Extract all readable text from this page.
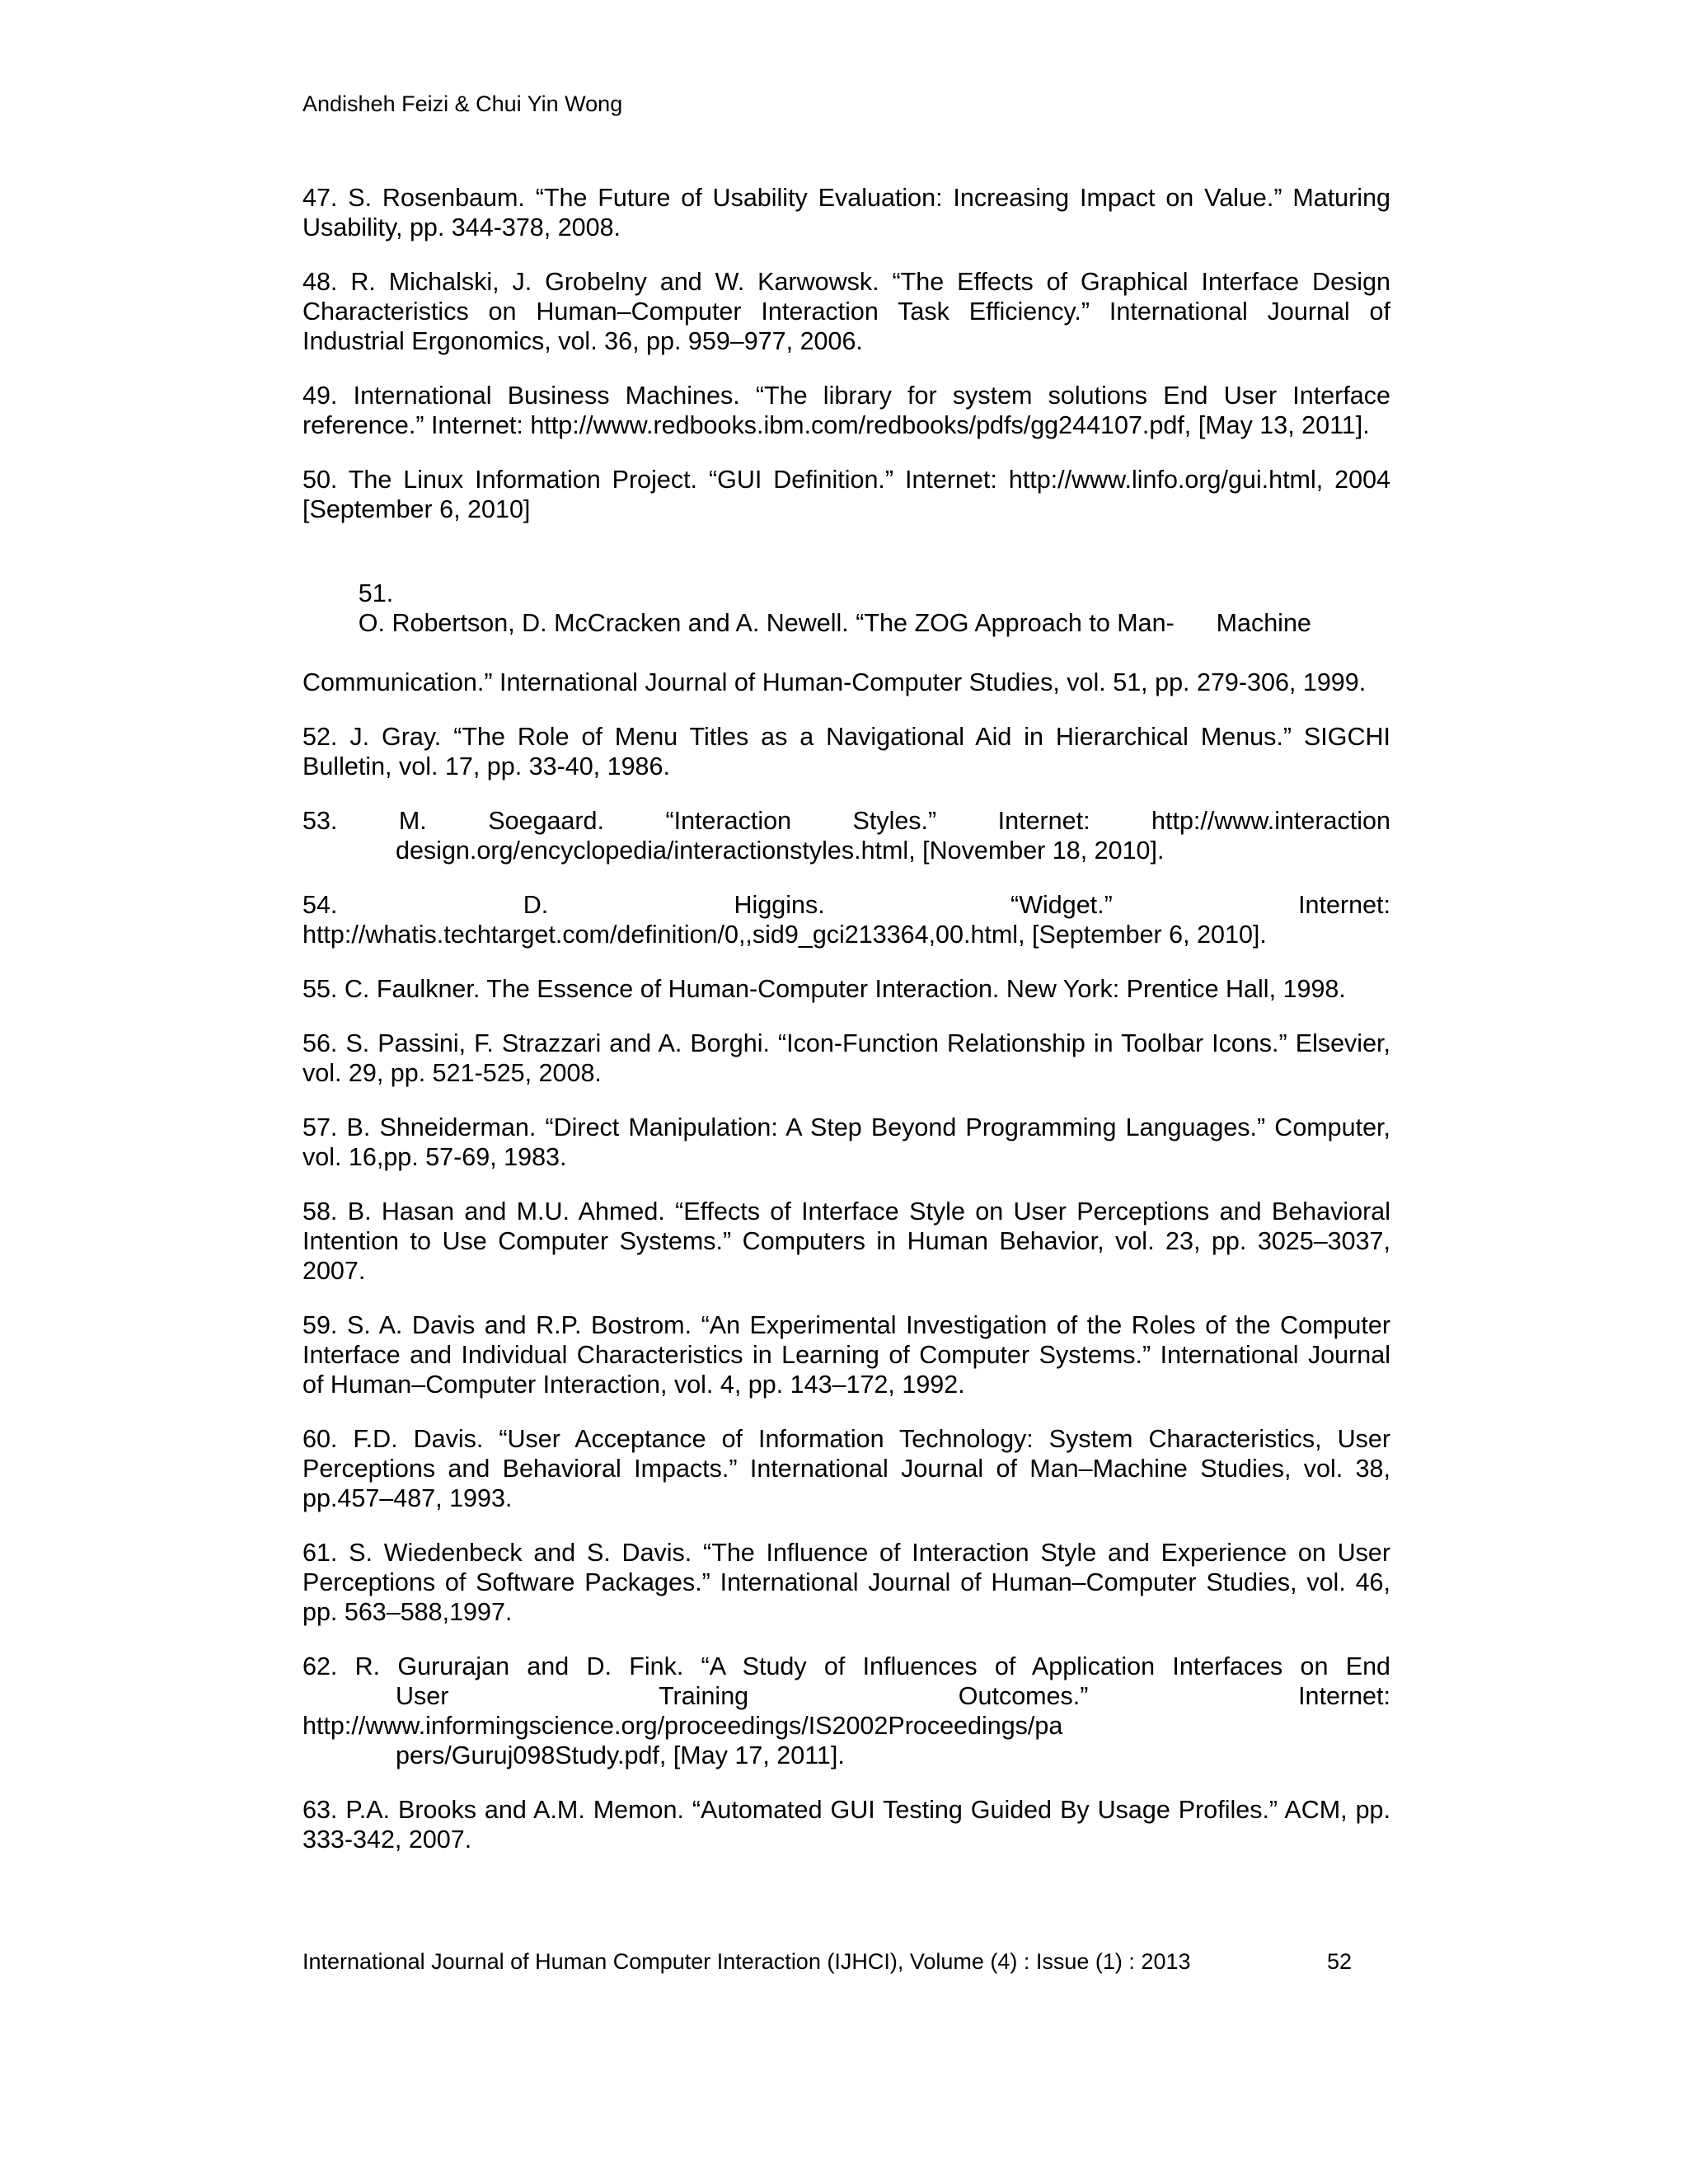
Andisheh Feizi & Chui Yin Wong
47. S. Rosenbaum. “The Future of Usability Evaluation: Increasing Impact on Value.” Maturing Usability, pp. 344-378, 2008.
48. R. Michalski, J. Grobelny and W. Karwowsk. “The Effects of Graphical Interface Design Characteristics on Human–Computer Interaction Task Efficiency.” International Journal of Industrial Ergonomics, vol. 36, pp. 959–977, 2006.
49. International Business Machines. “The library for system solutions End User Interface reference.” Internet: http://www.redbooks.ibm.com/redbooks/pdfs/gg244107.pdf, [May 13, 2011].
50. The Linux Information Project. “GUI Definition.” Internet: http://www.linfo.org/gui.html, 2004 [September 6, 2010]

51.
O. Robertson, D. McCracken and A. Newell. “The ZOG Approach to Man-      Machine

Communication.” International Journal of Human-Computer Studies, vol. 51, pp. 279-306, 1999.
52. J. Gray. “The Role of Menu Titles as a Navigational Aid in Hierarchical Menus.” SIGCHI Bulletin, vol. 17, pp. 33-40, 1986.
53. M. Soegaard. “Interaction Styles.” Internet: http://www.interaction
design.org/encyclopedia/interactionstyles.html, [November 18, 2010].
54.	D.	Higgins.	“Widget.”	Internet:
http://whatis.techtarget.com/definition/0,,sid9_gci213364,00.html, [September 6, 2010].
55. C. Faulkner. The Essence of Human-Computer Interaction. New York: Prentice Hall, 1998.
56. S. Passini, F. Strazzari and A. Borghi. “Icon-Function Relationship in Toolbar Icons.” Elsevier, vol. 29, pp. 521-525, 2008.
57. B. Shneiderman. “Direct Manipulation: A Step Beyond Programming Languages.” Computer, vol. 16,pp. 57-69, 1983.
58. B. Hasan and M.U. Ahmed. “Effects of Interface Style on User Perceptions and Behavioral Intention to Use Computer Systems.” Computers in Human Behavior, vol. 23, pp. 3025–3037, 2007.
59. S. A. Davis and R.P. Bostrom. “An Experimental Investigation of the Roles of the Computer Interface and Individual Characteristics in Learning of Computer Systems.” International Journal of Human–Computer Interaction, vol. 4, pp. 143–172, 1992.
60. F.D. Davis. “User Acceptance of Information Technology: System Characteristics, User Perceptions and Behavioral Impacts.” International Journal of Man–Machine Studies, vol. 38, pp.457–487, 1993.
61. S. Wiedenbeck and S. Davis. “The Influence of Interaction Style and Experience on User Perceptions of Software Packages.” International Journal of Human–Computer Studies, vol. 46, pp. 563–588,1997.
62. R. Gururajan and D. Fink. “A Study of Influences of Application Interfaces on End
User	Training	Outcomes.”	Internet:
http://www.informingscience.org/proceedings/IS2002Proceedings/pa
pers/Guruj098Study.pdf, [May 17, 2011].
63. P.A. Brooks and A.M. Memon. “Automated GUI Testing Guided By Usage Profiles.” ACM, pp. 333-342, 2007.
International Journal of Human Computer Interaction (IJHCI), Volume (4) : Issue (1) : 2013	52
